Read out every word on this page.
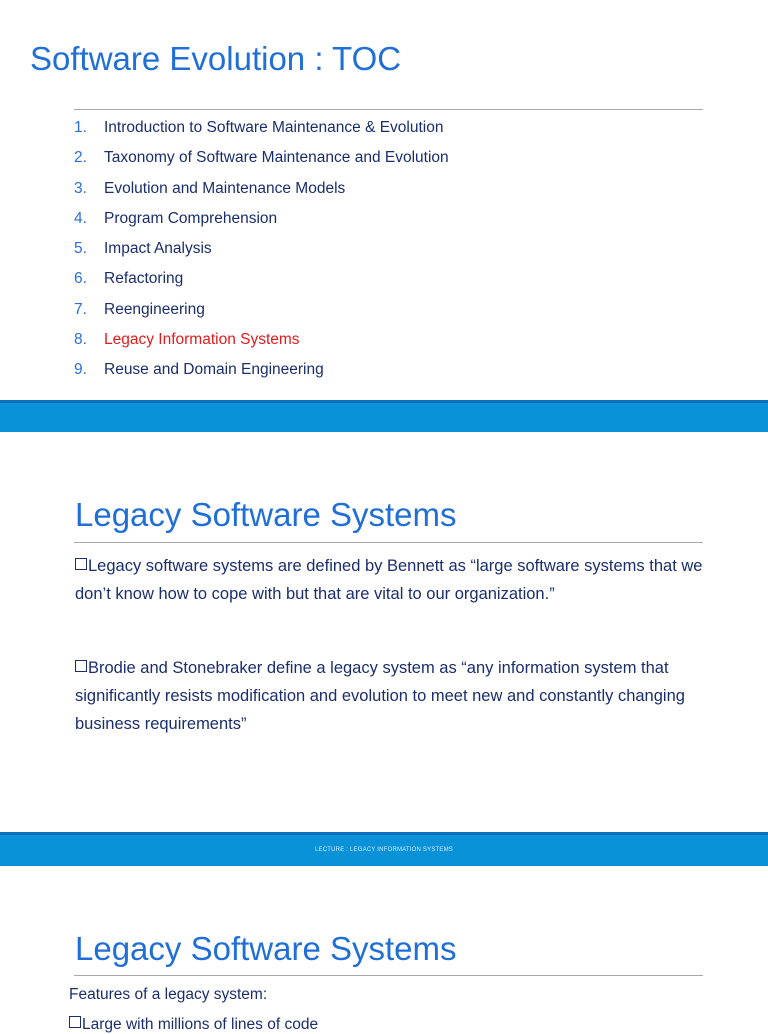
Software Evolution : TOC
1. Introduction to Software Maintenance & Evolution
2. Taxonomy of Software Maintenance and Evolution
3. Evolution and Maintenance Models
4. Program Comprehension
5. Impact Analysis
6. Refactoring
7. Reengineering
8. Legacy Information Systems
9. Reuse and Domain Engineering
Legacy Software Systems

Legacy software systems are defined by Bennett as “large software systems that we don’t know how to cope with but that are vital to our organization.”

Brodie and Stonebraker define a legacy system as “any information system that significantly resists modification and evolution to meet new and constantly changing business requirements”

LECTURE : LEGACY INFORMATION SYSTEMS
Legacy Software Systems

Features of a legacy system:

Large with millions of lines of code
